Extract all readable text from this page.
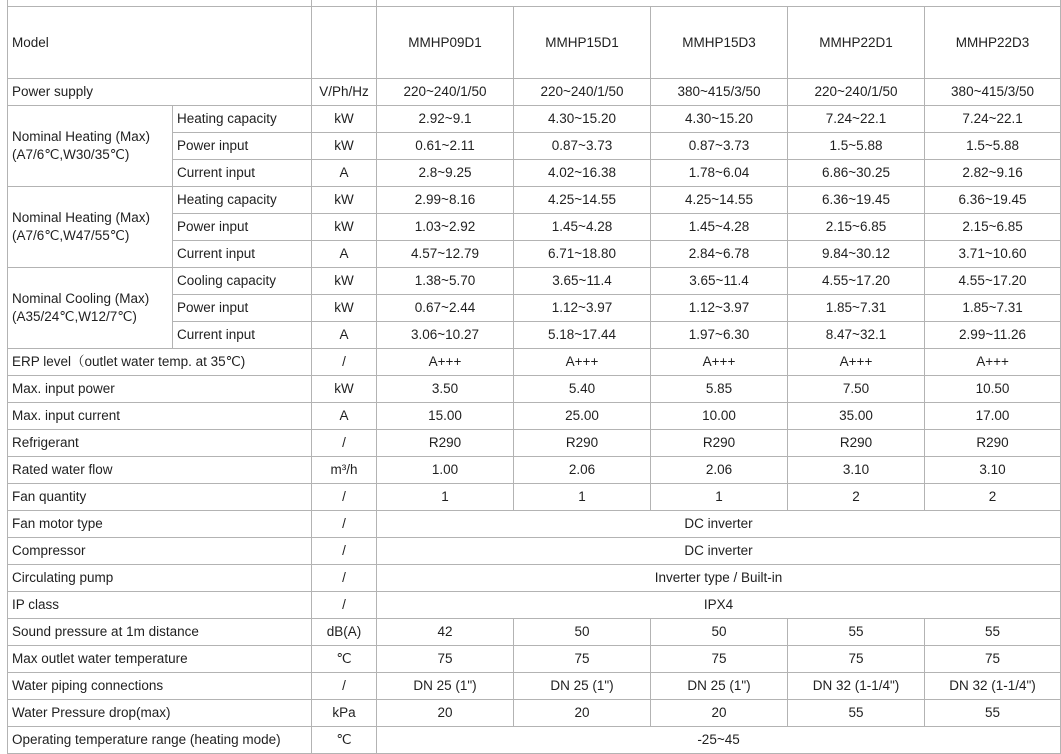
Model			MMHP09D1	MMHP15D1	MMHP15D3	MMHP22D1	MMHP22D3
Power supply		V/Ph/Hz	220~240/1/50	220~240/1/50	380~415/3/50	220~240/1/50	380~415/3/50

Nominal Heating (Max)
(A7/6℃,W30/35℃)	Heating capacity	kW	2.92~9.1	4.30~15.20	4.30~15.20	7.24~22.1	7.24~22.1
	Power input	kW	0.61~2.11	0.87~3.73	0.87~3.73	1.5~5.88	1.5~5.88
	Current input	A	2.8~9.25	4.02~16.38	1.78~6.04	6.86~30.25	2.82~9.16

Nominal Heating (Max)
(A7/6℃,W47/55℃)	Heating capacity	kW	2.99~8.16	4.25~14.55	4.25~14.55	6.36~19.45	6.36~19.45
	Power input	kW	1.03~2.92	1.45~4.28	1.45~4.28	2.15~6.85	2.15~6.85
	Current input	A	4.57~12.79	6.71~18.80	2.84~6.78	9.84~30.12	3.71~10.60

Nominal Cooling (Max)
(A35/24℃,W12/7℃)	Cooling capacity	kW	1.38~5.70	3.65~11.4	3.65~11.4	4.55~17.20	4.55~17.20
	Power input	kW	0.67~2.44	1.12~3.97	1.12~3.97	1.85~7.31	1.85~7.31
	Current input	A	3.06~10.27	5.18~17.44	1.97~6.30	8.47~32.1	2.99~11.26
ERP level（outlet water temp. at 35℃)		/	A+++	A+++	A+++	A+++	A+++
Max. input power		kW	3.50	5.40	5.85	7.50	10.50
Max. input current		A	15.00	25.00	10.00	35.00	17.00
Refrigerant		/	R290	R290	R290	R290	R290
Rated water flow		m³/h	1.00	2.06	2.06	3.10	3.10
Fan quantity		/	1	1	1	2	2
Fan motor type		/	DC inverter				
Compressor		/	DC inverter				
Circulating pump		/	Inverter type / Built-in				
IP class		/	IPX4				
Sound pressure at 1m distance		dB(A)	42	50	50	55	55
Max outlet water temperature		℃	75	75	75	75	75
Water piping connections		/	DN 25 (1")	DN 25 (1")	DN 25 (1")	DN 32 (1-1/4")	DN 32 (1-1/4")
Water Pressure drop(max)		kPa	20	20	20	55	55
Operating temperature range (heating mode)		℃	-25~45				
